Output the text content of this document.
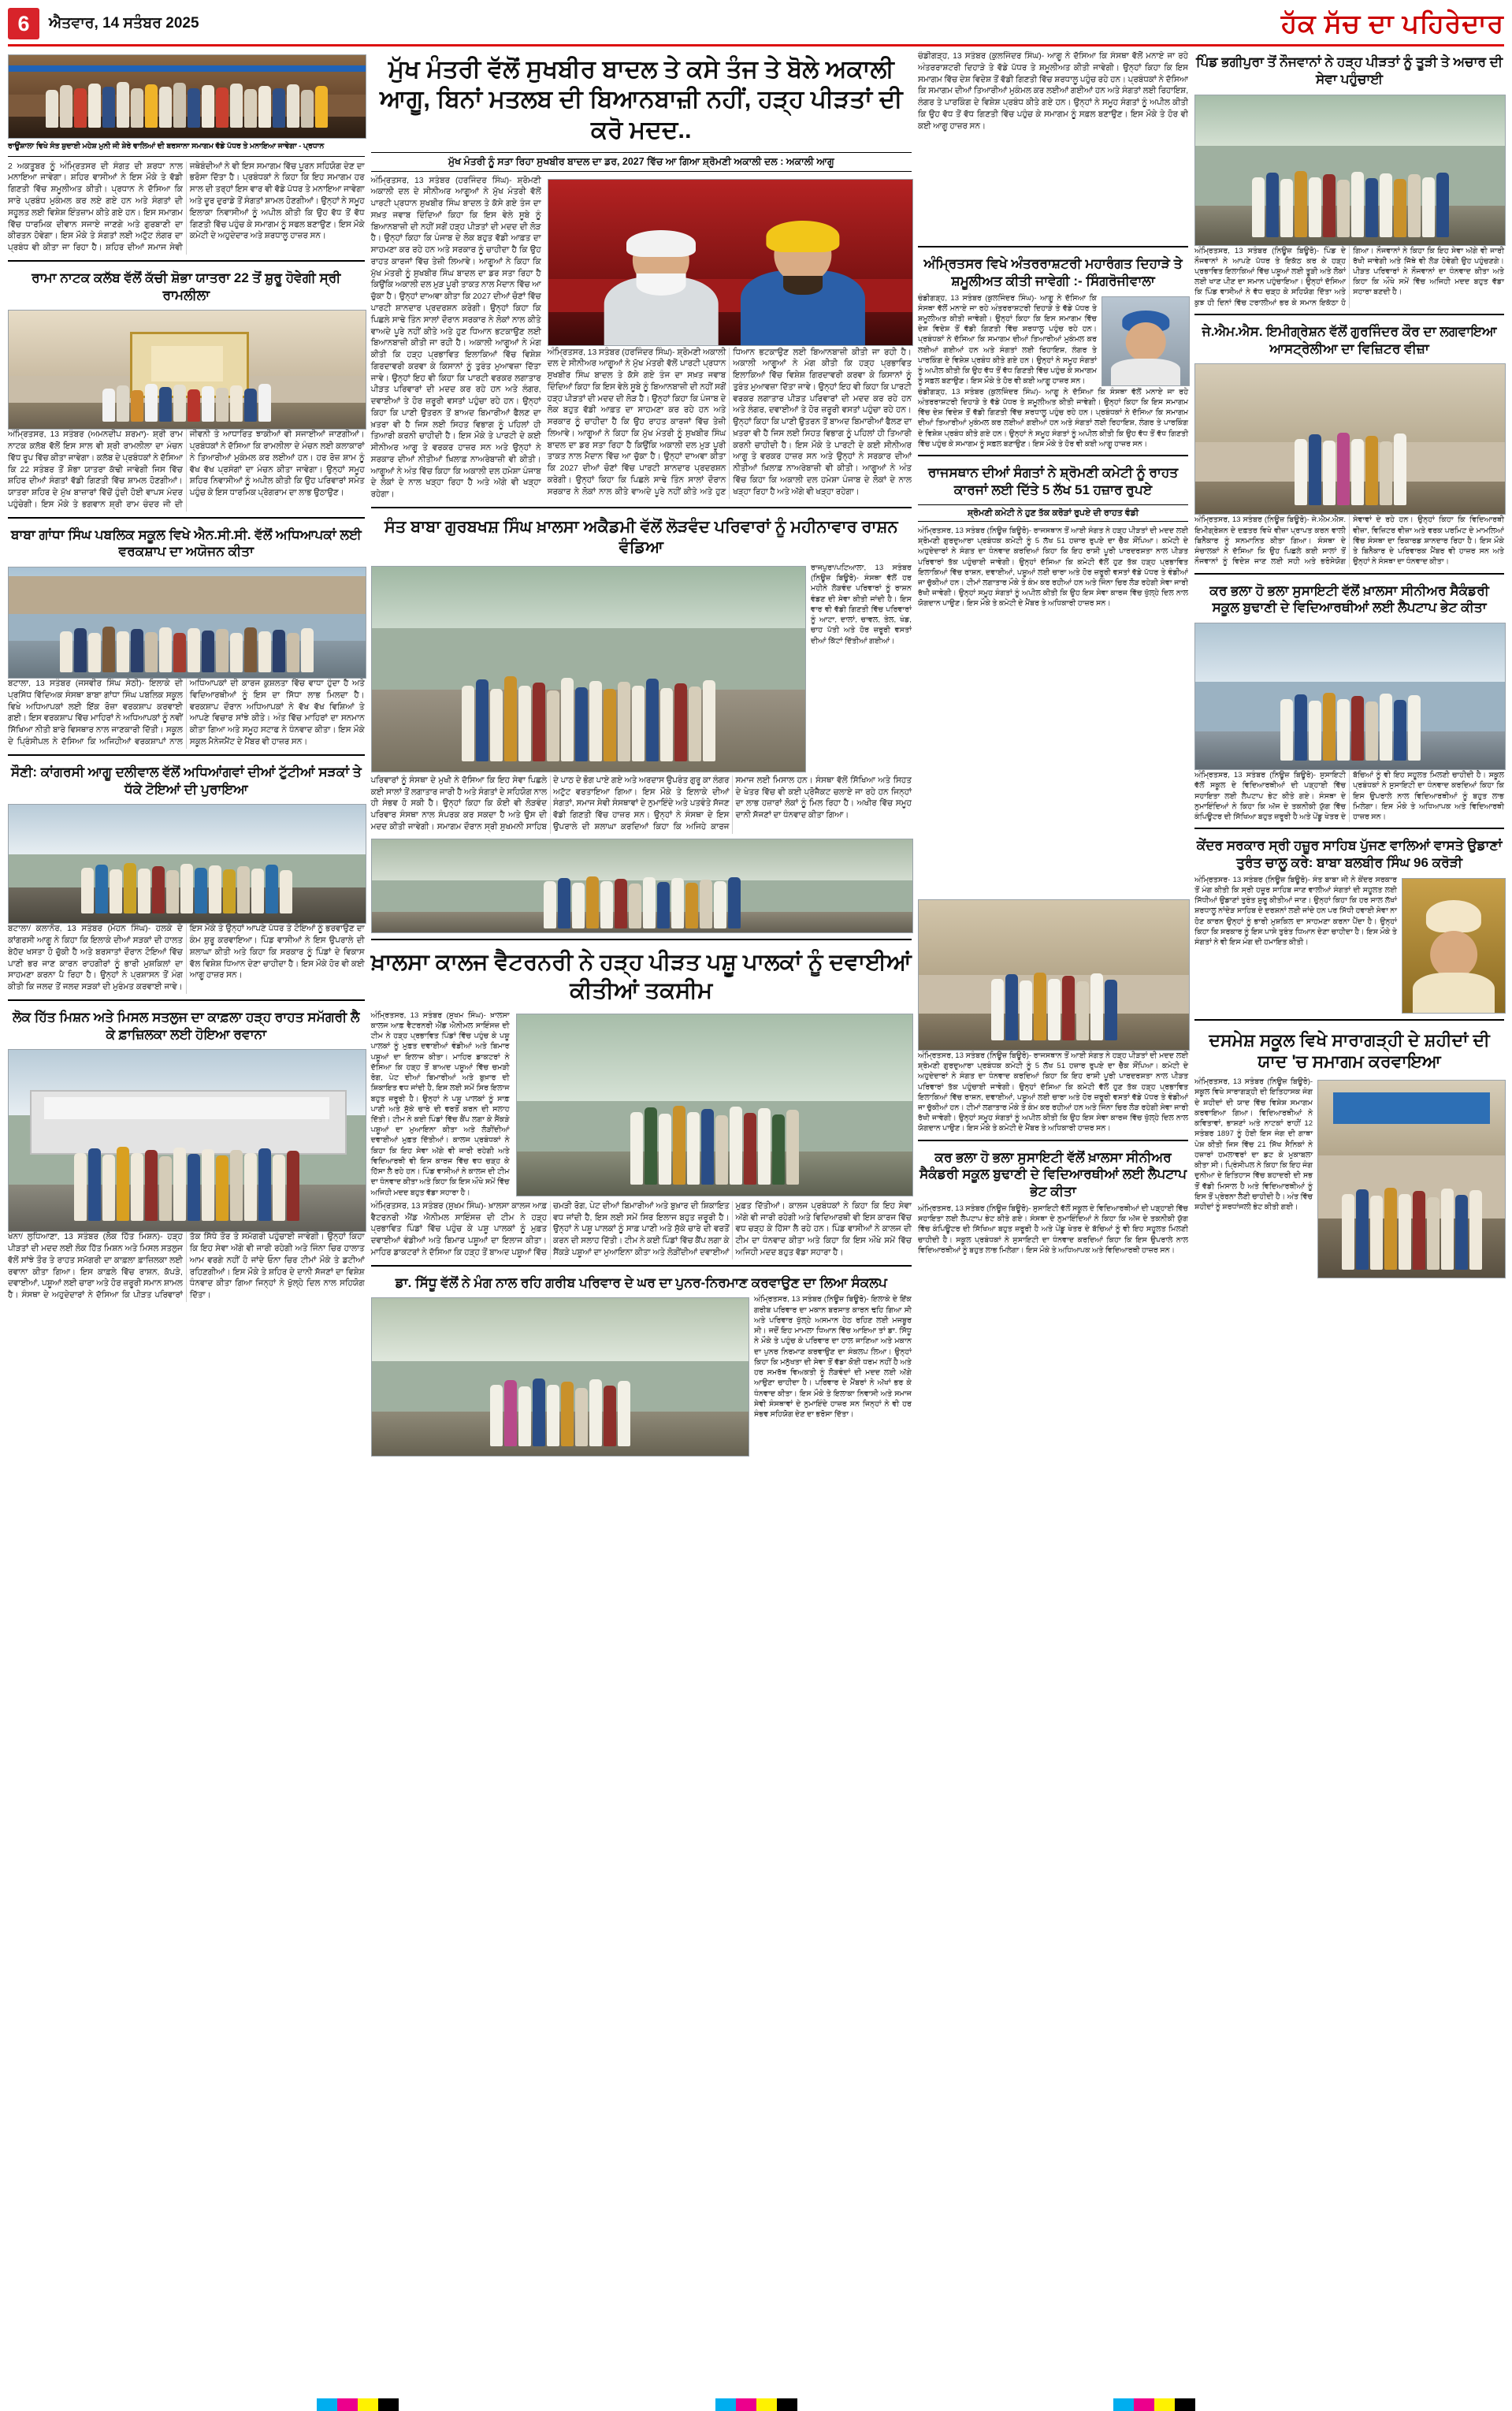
6	ਐਤਵਾਰ, 14 ਸਤੰਬਰ 2025	ਹੱਕ ਸੱਚ ਦਾ ਪਹਿਰੇਦਾਰ
ਰਾਊਂਸ਼ਾਲਾ ਵਿਖੇ ਸੰਤ ਸ਼ੁਦਾਈ ਮਹੇਸ਼ ਮੁਨੀ ਜੀ ਸ਼ੇਰੇ ਵਾਲਿਆਂ ਦੀ ਬਰਸਾਨਾ ਸਮਾਗਮ ਵੱਡੇ ਪੱਧਰ ਤੇ ਮਨਾਇਆ ਜਾਵੇਗਾ - ਪ੍ਰਧਾਨ
2 ਅਕਤੂਬਰ ਨੂੰ ਅੰਮ੍ਰਿਤਸਰ ਦੀ ਸੰਗਤ ਦੀ ਸ਼ਰਧਾ ਨਾਲ ਮਨਾਇਆ ਜਾਵੇਗਾ। ਸ਼ਹਿਰ ਵਾਸੀਆਂ ਨੇ ਇਸ ਮੌਕੇ ਤੇ ਵੱਡੀ ਗਿਣਤੀ ਵਿੱਚ ਸ਼ਮੂਲੀਅਤ ਕੀਤੀ। ਪ੍ਰਧਾਨ ਨੇ ਦੱਸਿਆ ਕਿ ਸਾਰੇ ਪ੍ਰਬੰਧ ਮੁਕੰਮਲ ਕਰ ਲਏ ਗਏ ਹਨ ਅਤੇ ਸੰਗਤਾਂ ਦੀ ਸਹੂਲਤ ਲਈ ਵਿਸ਼ੇਸ਼ ਇੰਤਜ਼ਾਮ ਕੀਤੇ ਗਏ ਹਨ। ਇਸ ਸਮਾਗਮ ਵਿੱਚ ਧਾਰਮਿਕ ਦੀਵਾਨ ਸਜਾਏ ਜਾਣਗੇ ਅਤੇ ਗੁਰਬਾਣੀ ਦਾ ਕੀਰਤਨ ਹੋਵੇਗਾ। ਇਸ ਮੌਕੇ ਤੇ ਸੰਗਤਾਂ ਲਈ ਅਟੁੱਟ ਲੰਗਰ ਦਾ ਪ੍ਰਬੰਧ ਵੀ ਕੀਤਾ ਜਾ ਰਿਹਾ ਹੈ। ਸ਼ਹਿਰ ਦੀਆਂ ਸਮਾਜ ਸੇਵੀ ਜਥੇਬੰਦੀਆਂ ਨੇ ਵੀ ਇਸ ਸਮਾਗਮ ਵਿੱਚ ਪੂਰਨ ਸਹਿਯੋਗ ਦੇਣ ਦਾ ਭਰੋਸਾ ਦਿੱਤਾ ਹੈ। ਪ੍ਰਬੰਧਕਾਂ ਨੇ ਕਿਹਾ ਕਿ ਇਹ ਸਮਾਗਮ ਹਰ ਸਾਲ ਦੀ ਤਰ੍ਹਾਂ ਇਸ ਵਾਰ ਵੀ ਵੱਡੇ ਪੱਧਰ ਤੇ ਮਨਾਇਆ ਜਾਵੇਗਾ ਅਤੇ ਦੂਰ ਦੁਰਾਡੇ ਤੋਂ ਸੰਗਤਾਂ ਸ਼ਾਮਲ ਹੋਣਗੀਆਂ। ਉਨ੍ਹਾਂ ਨੇ ਸਮੂਹ ਇਲਾਕਾ ਨਿਵਾਸੀਆਂ ਨੂੰ ਅਪੀਲ ਕੀਤੀ ਕਿ ਉਹ ਵੱਧ ਤੋਂ ਵੱਧ ਗਿਣਤੀ ਵਿੱਚ ਪਹੁੰਚ ਕੇ ਸਮਾਗਮ ਨੂੰ ਸਫਲ ਬਣਾਉਣ। ਇਸ ਮੌਕੇ ਕਮੇਟੀ ਦੇ ਅਹੁਦੇਦਾਰ ਅਤੇ ਸ਼ਰਧਾਲੂ ਹਾਜ਼ਰ ਸਨ।
ਰਾਮਾ ਨਾਟਕ ਕਲੱਬ ਵੱਲੋਂ ਕੱਚੀ ਸ਼ੋਭਾ ਯਾਤਰਾ 22 ਤੋਂ ਸ਼ੁਰੂ ਹੋਵੇਗੀ ਸ੍ਰੀ ਰਾਮਲੀਲਾ
ਅੰਮ੍ਰਿਤਸਰ, 13 ਸਤੰਬਰ (ਅਮਨਦੀਪ ਸ਼ਰਮਾ)- ਸ਼੍ਰੀ ਰਾਮ ਨਾਟਕ ਕਲੱਬ ਵੱਲੋਂ ਇਸ ਸਾਲ ਵੀ ਸ਼੍ਰੀ ਰਾਮਲੀਲਾ ਦਾ ਮੰਚਨ ਵਿੱਧ ਰੂਪ ਵਿੱਚ ਕੀਤਾ ਜਾਵੇਗਾ। ਕਲੱਬ ਦੇ ਪ੍ਰਬੰਧਕਾਂ ਨੇ ਦੱਸਿਆ ਕਿ 22 ਸਤੰਬਰ ਤੋਂ ਸ਼ੋਭਾ ਯਾਤਰਾ ਕੱਢੀ ਜਾਵੇਗੀ ਜਿਸ ਵਿੱਚ ਸ਼ਹਿਰ ਦੀਆਂ ਸੰਗਤਾਂ ਵੱਡੀ ਗਿਣਤੀ ਵਿੱਚ ਸ਼ਾਮਲ ਹੋਣਗੀਆਂ। ਯਾਤਰਾ ਸ਼ਹਿਰ ਦੇ ਮੁੱਖ ਬਾਜ਼ਾਰਾਂ ਵਿੱਚੋਂ ਹੁੰਦੀ ਹੋਈ ਵਾਪਸ ਮੰਦਰ ਪਹੁੰਚੇਗੀ। ਇਸ ਮੌਕੇ ਤੇ ਭਗਵਾਨ ਸ਼੍ਰੀ ਰਾਮ ਚੰਦਰ ਜੀ ਦੀ ਜੀਵਨੀ ਤੇ ਆਧਾਰਿਤ ਝਾਕੀਆਂ ਵੀ ਸਜਾਈਆਂ ਜਾਣਗੀਆਂ। ਪ੍ਰਬੰਧਕਾਂ ਨੇ ਦੱਸਿਆ ਕਿ ਰਾਮਲੀਲਾ ਦੇ ਮੰਚਨ ਲਈ ਕਲਾਕਾਰਾਂ ਨੇ ਤਿਆਰੀਆਂ ਮੁਕੰਮਲ ਕਰ ਲਈਆਂ ਹਨ। ਹਰ ਰੋਜ਼ ਸ਼ਾਮ ਨੂੰ ਵੱਖ ਵੱਖ ਪ੍ਰਸੰਗਾਂ ਦਾ ਮੰਚਨ ਕੀਤਾ ਜਾਵੇਗਾ। ਉਨ੍ਹਾਂ ਸਮੂਹ ਸ਼ਹਿਰ ਨਿਵਾਸੀਆਂ ਨੂੰ ਅਪੀਲ ਕੀਤੀ ਕਿ ਉਹ ਪਰਿਵਾਰਾਂ ਸਮੇਤ ਪਹੁੰਚ ਕੇ ਇਸ ਧਾਰਮਿਕ ਪ੍ਰੋਗਰਾਮ ਦਾ ਲਾਭ ਉਠਾਉਣ।
ਬਾਬਾ ਗਾਂਧਾ ਸਿੰਘ ਪਬਲਿਕ ਸਕੂਲ ਵਿਖੇ ਐਨ.ਸੀ.ਸੀ. ਵੱਲੋਂ ਅਧਿਆਪਕਾਂ ਲਈ ਵਰਕਸ਼ਾਪ ਦਾ ਅਯੋਜਨ ਕੀਤਾ
ਬਟਾਲਾ, 13 ਸਤੰਬਰ (ਜਸਵੀਰ ਸਿੰਘ ਸੇਠੀ)- ਇਲਾਕੇ ਦੀ ਪ੍ਰਸਿੱਧ ਵਿੱਦਿਅਕ ਸੰਸਥਾ ਬਾਬਾ ਗਾਂਧਾ ਸਿੰਘ ਪਬਲਿਕ ਸਕੂਲ ਵਿਖੇ ਅਧਿਆਪਕਾਂ ਲਈ ਇੱਕ ਰੋਜ਼ਾ ਵਰਕਸ਼ਾਪ ਕਰਵਾਈ ਗਈ। ਇਸ ਵਰਕਸ਼ਾਪ ਵਿੱਚ ਮਾਹਿਰਾਂ ਨੇ ਅਧਿਆਪਕਾਂ ਨੂੰ ਨਵੀਂ ਸਿੱਖਿਆ ਨੀਤੀ ਬਾਰੇ ਵਿਸਥਾਰ ਨਾਲ ਜਾਣਕਾਰੀ ਦਿੱਤੀ। ਸਕੂਲ ਦੇ ਪ੍ਰਿੰਸੀਪਲ ਨੇ ਦੱਸਿਆ ਕਿ ਅਜਿਹੀਆਂ ਵਰਕਸ਼ਾਪਾਂ ਨਾਲ ਅਧਿਆਪਕਾਂ ਦੀ ਕਾਰਜ ਕੁਸ਼ਲਤਾ ਵਿੱਚ ਵਾਧਾ ਹੁੰਦਾ ਹੈ ਅਤੇ ਵਿਦਿਆਰਥੀਆਂ ਨੂੰ ਇਸ ਦਾ ਸਿੱਧਾ ਲਾਭ ਮਿਲਦਾ ਹੈ। ਵਰਕਸ਼ਾਪ ਦੌਰਾਨ ਅਧਿਆਪਕਾਂ ਨੇ ਵੱਖ ਵੱਖ ਵਿਸ਼ਿਆਂ ਤੇ ਆਪਣੇ ਵਿਚਾਰ ਸਾਂਝੇ ਕੀਤੇ। ਅੰਤ ਵਿੱਚ ਮਾਹਿਰਾਂ ਦਾ ਸਨਮਾਨ ਕੀਤਾ ਗਿਆ ਅਤੇ ਸਮੂਹ ਸਟਾਫ ਨੇ ਧੰਨਵਾਦ ਕੀਤਾ। ਇਸ ਮੌਕੇ ਸਕੂਲ ਮੈਨੇਜਮੈਂਟ ਦੇ ਮੈਂਬਰ ਵੀ ਹਾਜ਼ਰ ਸਨ।
ਸੌਣੀ: ਕਾਂਗਰਸੀ ਆਗੂ ਦਲੀਵਾਲ ਵੱਲੋਂ ਅਧਿਆਂਗਵਾਂ ਦੀਆਂ ਟੁੱਟੀਆਂ ਸੜਕਾਂ ਤੇ ਧੱਕੇ ਟੋਇਆਂ ਦੀ ਪੁਰਾਇਆ
ਬਟਾਲਾ/ ਕਲਾਨੌਰ, 13 ਸਤੰਬਰ (ਮੋਹਨ ਸਿੰਘ)- ਹਲਕੇ ਦੇ ਕਾਂਗਰਸੀ ਆਗੂ ਨੇ ਕਿਹਾ ਕਿ ਇਲਾਕੇ ਦੀਆਂ ਸੜਕਾਂ ਦੀ ਹਾਲਤ ਬੇਹੱਦ ਖਸਤਾ ਹੋ ਚੁੱਕੀ ਹੈ ਅਤੇ ਬਰਸਾਤਾਂ ਦੌਰਾਨ ਟੋਇਆਂ ਵਿੱਚ ਪਾਣੀ ਭਰ ਜਾਣ ਕਾਰਨ ਰਾਹਗੀਰਾਂ ਨੂੰ ਭਾਰੀ ਮੁਸ਼ਕਿਲਾਂ ਦਾ ਸਾਹਮਣਾ ਕਰਨਾ ਪੈ ਰਿਹਾ ਹੈ। ਉਨ੍ਹਾਂ ਨੇ ਪ੍ਰਸ਼ਾਸਨ ਤੋਂ ਮੰਗ ਕੀਤੀ ਕਿ ਜਲਦ ਤੋਂ ਜਲਦ ਸੜਕਾਂ ਦੀ ਮੁਰੰਮਤ ਕਰਵਾਈ ਜਾਵੇ। ਇਸ ਮੌਕੇ ਤੇ ਉਨ੍ਹਾਂ ਆਪਣੇ ਪੱਧਰ ਤੇ ਟੋਇਆਂ ਨੂੰ ਭਰਵਾਉਣ ਦਾ ਕੰਮ ਸ਼ੁਰੂ ਕਰਵਾਇਆ। ਪਿੰਡ ਵਾਸੀਆਂ ਨੇ ਇਸ ਉਪਰਾਲੇ ਦੀ ਸ਼ਲਾਘਾ ਕੀਤੀ ਅਤੇ ਕਿਹਾ ਕਿ ਸਰਕਾਰ ਨੂੰ ਪਿੰਡਾਂ ਦੇ ਵਿਕਾਸ ਵੱਲ ਵਿਸ਼ੇਸ਼ ਧਿਆਨ ਦੇਣਾ ਚਾਹੀਦਾ ਹੈ। ਇਸ ਮੌਕੇ ਹੋਰ ਵੀ ਕਈ ਆਗੂ ਹਾਜ਼ਰ ਸਨ।
ਲੋਕ ਹਿੱਤ ਮਿਸ਼ਨ ਅਤੇ ਮਿਸਲ ਸਤਲੁਜ ਦਾ ਕਾਫ਼ਲਾ ਹੜ੍ਹ ਰਾਹਤ ਸਮੱਗਰੀ ਲੈ ਕੇ ਫ਼ਾਜ਼ਿਲਕਾ ਲਈ ਹੋਇਆ ਰਵਾਨਾ
ਖੰਨਾ/ ਲੁਧਿਆਣਾ, 13 ਸਤੰਬਰ (ਲੋਕ ਹਿੱਤ ਮਿਸ਼ਨ)- ਹੜ੍ਹ ਪੀੜਤਾਂ ਦੀ ਮਦਦ ਲਈ ਲੋਕ ਹਿੱਤ ਮਿਸ਼ਨ ਅਤੇ ਮਿਸਲ ਸਤਲੁਜ ਵੱਲੋਂ ਸਾਂਝੇ ਤੌਰ ਤੇ ਰਾਹਤ ਸਮੱਗਰੀ ਦਾ ਕਾਫ਼ਲਾ ਫ਼ਾਜ਼ਿਲਕਾ ਲਈ ਰਵਾਨਾ ਕੀਤਾ ਗਿਆ। ਇਸ ਕਾਫ਼ਲੇ ਵਿੱਚ ਰਾਸ਼ਨ, ਕੱਪੜੇ, ਦਵਾਈਆਂ, ਪਸ਼ੂਆਂ ਲਈ ਚਾਰਾ ਅਤੇ ਹੋਰ ਜ਼ਰੂਰੀ ਸਮਾਨ ਸ਼ਾਮਲ ਹੈ। ਸੰਸਥਾ ਦੇ ਅਹੁਦੇਦਾਰਾਂ ਨੇ ਦੱਸਿਆ ਕਿ ਪੀੜਤ ਪਰਿਵਾਰਾਂ ਤੱਕ ਸਿੱਧੇ ਤੌਰ ਤੇ ਸਮੱਗਰੀ ਪਹੁੰਚਾਈ ਜਾਵੇਗੀ। ਉਨ੍ਹਾਂ ਕਿਹਾ ਕਿ ਇਹ ਸੇਵਾ ਅੱਗੇ ਵੀ ਜਾਰੀ ਰਹੇਗੀ ਅਤੇ ਜਿੰਨਾ ਚਿਰ ਹਾਲਾਤ ਆਮ ਵਰਗੇ ਨਹੀਂ ਹੋ ਜਾਂਦੇ ਓਨਾ ਚਿਰ ਟੀਮਾਂ ਮੌਕੇ ਤੇ ਡਟੀਆਂ ਰਹਿਣਗੀਆਂ। ਇਸ ਮੌਕੇ ਤੇ ਸ਼ਹਿਰ ਦੇ ਦਾਨੀ ਸੱਜਣਾਂ ਦਾ ਵਿਸ਼ੇਸ਼ ਧੰਨਵਾਦ ਕੀਤਾ ਗਿਆ ਜਿਨ੍ਹਾਂ ਨੇ ਖੁੱਲ੍ਹੇ ਦਿਲ ਨਾਲ ਸਹਿਯੋਗ ਦਿੱਤਾ।
ਮੁੱਖ ਮੰਤਰੀ ਵੱਲੋਂ ਸੁਖਬੀਰ ਬਾਦਲ ਤੇ ਕਸੇ ਤੰਜ ਤੇ ਬੋਲੇ ਅਕਾਲੀ ਆਗੂ, ਬਿਨਾਂ ਮਤਲਬ ਦੀ ਬਿਆਨਬਾਜ਼ੀ ਨਹੀਂ, ਹੜ੍ਹ ਪੀੜਤਾਂ ਦੀ ਕਰੋ ਮਦਦ..
ਮੁੱਖ ਮੰਤਰੀ ਨੂੰ ਸਤਾ ਰਿਹਾ ਸੁਖਬੀਰ ਬਾਦਲ ਦਾ ਡਰ, 2027 ਵਿੱਚ ਆ ਗਿਆ ਸ਼੍ਰੋਮਣੀ ਅਕਾਲੀ ਦਲ : ਅਕਾਲੀ ਆਗੂ
ਅੰਮ੍ਰਿਤਸਰ, 13 ਸਤੰਬਰ (ਹਰਜਿੰਦਰ ਸਿੰਘ)- ਸ਼੍ਰੋਮਣੀ ਅਕਾਲੀ ਦਲ ਦੇ ਸੀਨੀਅਰ ਆਗੂਆਂ ਨੇ ਮੁੱਖ ਮੰਤਰੀ ਵੱਲੋਂ ਪਾਰਟੀ ਪ੍ਰਧਾਨ ਸੁਖਬੀਰ ਸਿੰਘ ਬਾਦਲ ਤੇ ਕੱਸੇ ਗਏ ਤੰਜ ਦਾ ਸਖ਼ਤ ਜਵਾਬ ਦਿੰਦਿਆਂ ਕਿਹਾ ਕਿ ਇਸ ਵੇਲੇ ਸੂਬੇ ਨੂੰ ਬਿਆਨਬਾਜ਼ੀ ਦੀ ਨਹੀਂ ਸਗੋਂ ਹੜ੍ਹ ਪੀੜਤਾਂ ਦੀ ਮਦਦ ਦੀ ਲੋੜ ਹੈ। ਉਨ੍ਹਾਂ ਕਿਹਾ ਕਿ ਪੰਜਾਬ ਦੇ ਲੋਕ ਬਹੁਤ ਵੱਡੀ ਆਫ਼ਤ ਦਾ ਸਾਹਮਣਾ ਕਰ ਰਹੇ ਹਨ ਅਤੇ ਸਰਕਾਰ ਨੂੰ ਚਾਹੀਦਾ ਹੈ ਕਿ ਉਹ ਰਾਹਤ ਕਾਰਜਾਂ ਵਿੱਚ ਤੇਜ਼ੀ ਲਿਆਵੇ। ਆਗੂਆਂ ਨੇ ਕਿਹਾ ਕਿ ਮੁੱਖ ਮੰਤਰੀ ਨੂੰ ਸੁਖਬੀਰ ਸਿੰਘ ਬਾਦਲ ਦਾ ਡਰ ਸਤਾ ਰਿਹਾ ਹੈ ਕਿਉਂਕਿ ਅਕਾਲੀ ਦਲ ਮੁੜ ਪੂਰੀ ਤਾਕਤ ਨਾਲ ਮੈਦਾਨ ਵਿੱਚ ਆ ਚੁੱਕਾ ਹੈ। ਉਨ੍ਹਾਂ ਦਾਅਵਾ ਕੀਤਾ ਕਿ 2027 ਦੀਆਂ ਚੋਣਾਂ ਵਿੱਚ ਪਾਰਟੀ ਸ਼ਾਨਦਾਰ ਪ੍ਰਦਰਸ਼ਨ ਕਰੇਗੀ। ਉਨ੍ਹਾਂ ਕਿਹਾ ਕਿ ਪਿਛਲੇ ਸਾਢੇ ਤਿੰਨ ਸਾਲਾਂ ਦੌਰਾਨ ਸਰਕਾਰ ਨੇ ਲੋਕਾਂ ਨਾਲ ਕੀਤੇ ਵਾਅਦੇ ਪੂਰੇ ਨਹੀਂ ਕੀਤੇ ਅਤੇ ਹੁਣ ਧਿਆਨ ਭਟਕਾਉਣ ਲਈ ਬਿਆਨਬਾਜ਼ੀ ਕੀਤੀ ਜਾ ਰਹੀ ਹੈ। ਅਕਾਲੀ ਆਗੂਆਂ ਨੇ ਮੰਗ ਕੀਤੀ ਕਿ ਹੜ੍ਹ ਪ੍ਰਭਾਵਿਤ ਇਲਾਕਿਆਂ ਵਿੱਚ ਵਿਸ਼ੇਸ਼ ਗਿਰਦਾਵਰੀ ਕਰਵਾ ਕੇ ਕਿਸਾਨਾਂ ਨੂੰ ਤੁਰੰਤ ਮੁਆਵਜ਼ਾ ਦਿੱਤਾ ਜਾਵੇ। ਉਨ੍ਹਾਂ ਇਹ ਵੀ ਕਿਹਾ ਕਿ ਪਾਰਟੀ ਵਰਕਰ ਲਗਾਤਾਰ ਪੀੜਤ ਪਰਿਵਾਰਾਂ ਦੀ ਮਦਦ ਕਰ ਰਹੇ ਹਨ ਅਤੇ ਲੰਗਰ, ਦਵਾਈਆਂ ਤੇ ਹੋਰ ਜ਼ਰੂਰੀ ਵਸਤਾਂ ਪਹੁੰਚਾ ਰਹੇ ਹਨ। ਉਨ੍ਹਾਂ ਕਿਹਾ ਕਿ ਪਾਣੀ ਉਤਰਨ ਤੋਂ ਬਾਅਦ ਬਿਮਾਰੀਆਂ ਫੈਲਣ ਦਾ ਖ਼ਤਰਾ ਵੀ ਹੈ ਜਿਸ ਲਈ ਸਿਹਤ ਵਿਭਾਗ ਨੂੰ ਪਹਿਲਾਂ ਹੀ ਤਿਆਰੀ ਕਰਨੀ ਚਾਹੀਦੀ ਹੈ। ਇਸ ਮੌਕੇ ਤੇ ਪਾਰਟੀ ਦੇ ਕਈ ਸੀਨੀਅਰ ਆਗੂ ਤੇ ਵਰਕਰ ਹਾਜ਼ਰ ਸਨ ਅਤੇ ਉਨ੍ਹਾਂ ਨੇ ਸਰਕਾਰ ਦੀਆਂ ਨੀਤੀਆਂ ਖ਼ਿਲਾਫ਼ ਨਾਅਰੇਬਾਜ਼ੀ ਵੀ ਕੀਤੀ। ਆਗੂਆਂ ਨੇ ਅੰਤ ਵਿੱਚ ਕਿਹਾ ਕਿ ਅਕਾਲੀ ਦਲ ਹਮੇਸ਼ਾ ਪੰਜਾਬ ਦੇ ਲੋਕਾਂ ਦੇ ਨਾਲ ਖੜ੍ਹਾ ਰਿਹਾ ਹੈ ਅਤੇ ਅੱਗੇ ਵੀ ਖੜ੍ਹਾ ਰਹੇਗਾ।
ਅੰਮ੍ਰਿਤਸਰ, 13 ਸਤੰਬਰ (ਹਰਜਿੰਦਰ ਸਿੰਘ)- ਸ਼੍ਰੋਮਣੀ ਅਕਾਲੀ ਦਲ ਦੇ ਸੀਨੀਅਰ ਆਗੂਆਂ ਨੇ ਮੁੱਖ ਮੰਤਰੀ ਵੱਲੋਂ ਪਾਰਟੀ ਪ੍ਰਧਾਨ ਸੁਖਬੀਰ ਸਿੰਘ ਬਾਦਲ ਤੇ ਕੱਸੇ ਗਏ ਤੰਜ ਦਾ ਸਖ਼ਤ ਜਵਾਬ ਦਿੰਦਿਆਂ ਕਿਹਾ ਕਿ ਇਸ ਵੇਲੇ ਸੂਬੇ ਨੂੰ ਬਿਆਨਬਾਜ਼ੀ ਦੀ ਨਹੀਂ ਸਗੋਂ ਹੜ੍ਹ ਪੀੜਤਾਂ ਦੀ ਮਦਦ ਦੀ ਲੋੜ ਹੈ। ਉਨ੍ਹਾਂ ਕਿਹਾ ਕਿ ਪੰਜਾਬ ਦੇ ਲੋਕ ਬਹੁਤ ਵੱਡੀ ਆਫ਼ਤ ਦਾ ਸਾਹਮਣਾ ਕਰ ਰਹੇ ਹਨ ਅਤੇ ਸਰਕਾਰ ਨੂੰ ਚਾਹੀਦਾ ਹੈ ਕਿ ਉਹ ਰਾਹਤ ਕਾਰਜਾਂ ਵਿੱਚ ਤੇਜ਼ੀ ਲਿਆਵੇ। ਆਗੂਆਂ ਨੇ ਕਿਹਾ ਕਿ ਮੁੱਖ ਮੰਤਰੀ ਨੂੰ ਸੁਖਬੀਰ ਸਿੰਘ ਬਾਦਲ ਦਾ ਡਰ ਸਤਾ ਰਿਹਾ ਹੈ ਕਿਉਂਕਿ ਅਕਾਲੀ ਦਲ ਮੁੜ ਪੂਰੀ ਤਾਕਤ ਨਾਲ ਮੈਦਾਨ ਵਿੱਚ ਆ ਚੁੱਕਾ ਹੈ। ਉਨ੍ਹਾਂ ਦਾਅਵਾ ਕੀਤਾ ਕਿ 2027 ਦੀਆਂ ਚੋਣਾਂ ਵਿੱਚ ਪਾਰਟੀ ਸ਼ਾਨਦਾਰ ਪ੍ਰਦਰਸ਼ਨ ਕਰੇਗੀ। ਉਨ੍ਹਾਂ ਕਿਹਾ ਕਿ ਪਿਛਲੇ ਸਾਢੇ ਤਿੰਨ ਸਾਲਾਂ ਦੌਰਾਨ ਸਰਕਾਰ ਨੇ ਲੋਕਾਂ ਨਾਲ ਕੀਤੇ ਵਾਅਦੇ ਪੂਰੇ ਨਹੀਂ ਕੀਤੇ ਅਤੇ ਹੁਣ ਧਿਆਨ ਭਟਕਾਉਣ ਲਈ ਬਿਆਨਬਾਜ਼ੀ ਕੀਤੀ ਜਾ ਰਹੀ ਹੈ। ਅਕਾਲੀ ਆਗੂਆਂ ਨੇ ਮੰਗ ਕੀਤੀ ਕਿ ਹੜ੍ਹ ਪ੍ਰਭਾਵਿਤ ਇਲਾਕਿਆਂ ਵਿੱਚ ਵਿਸ਼ੇਸ਼ ਗਿਰਦਾਵਰੀ ਕਰਵਾ ਕੇ ਕਿਸਾਨਾਂ ਨੂੰ ਤੁਰੰਤ ਮੁਆਵਜ਼ਾ ਦਿੱਤਾ ਜਾਵੇ। ਉਨ੍ਹਾਂ ਇਹ ਵੀ ਕਿਹਾ ਕਿ ਪਾਰਟੀ ਵਰਕਰ ਲਗਾਤਾਰ ਪੀੜਤ ਪਰਿਵਾਰਾਂ ਦੀ ਮਦਦ ਕਰ ਰਹੇ ਹਨ ਅਤੇ ਲੰਗਰ, ਦਵਾਈਆਂ ਤੇ ਹੋਰ ਜ਼ਰੂਰੀ ਵਸਤਾਂ ਪਹੁੰਚਾ ਰਹੇ ਹਨ। ਉਨ੍ਹਾਂ ਕਿਹਾ ਕਿ ਪਾਣੀ ਉਤਰਨ ਤੋਂ ਬਾਅਦ ਬਿਮਾਰੀਆਂ ਫੈਲਣ ਦਾ ਖ਼ਤਰਾ ਵੀ ਹੈ ਜਿਸ ਲਈ ਸਿਹਤ ਵਿਭਾਗ ਨੂੰ ਪਹਿਲਾਂ ਹੀ ਤਿਆਰੀ ਕਰਨੀ ਚਾਹੀਦੀ ਹੈ। ਇਸ ਮੌਕੇ ਤੇ ਪਾਰਟੀ ਦੇ ਕਈ ਸੀਨੀਅਰ ਆਗੂ ਤੇ ਵਰਕਰ ਹਾਜ਼ਰ ਸਨ ਅਤੇ ਉਨ੍ਹਾਂ ਨੇ ਸਰਕਾਰ ਦੀਆਂ ਨੀਤੀਆਂ ਖ਼ਿਲਾਫ਼ ਨਾਅਰੇਬਾਜ਼ੀ ਵੀ ਕੀਤੀ। ਆਗੂਆਂ ਨੇ ਅੰਤ ਵਿੱਚ ਕਿਹਾ ਕਿ ਅਕਾਲੀ ਦਲ ਹਮੇਸ਼ਾ ਪੰਜਾਬ ਦੇ ਲੋਕਾਂ ਦੇ ਨਾਲ ਖੜ੍ਹਾ ਰਿਹਾ ਹੈ ਅਤੇ ਅੱਗੇ ਵੀ ਖੜ੍ਹਾ ਰਹੇਗਾ।
ਸੰਤ ਬਾਬਾ ਗੁਰਬਖਸ਼ ਸਿੰਘ ਖ਼ਾਲਸਾ ਅਕੈਡਮੀ ਵੱਲੋਂ ਲੋੜਵੰਦ ਪਰਿਵਾਰਾਂ ਨੂੰ ਮਹੀਨਾਵਾਰ ਰਾਸ਼ਨ ਵੰਡਿਆ
ਰਾਜਪੁਰਾ/ਪਟਿਆਲਾ, 13 ਸਤੰਬਰ (ਨਿਊਜ਼ ਬਿਊਰੋ)- ਸੰਸਥਾ ਵੱਲੋਂ ਹਰ ਮਹੀਨੇ ਲੋੜਵੰਦ ਪਰਿਵਾਰਾਂ ਨੂੰ ਰਾਸ਼ਨ ਵੰਡਣ ਦੀ ਸੇਵਾ ਕੀਤੀ ਜਾਂਦੀ ਹੈ। ਇਸ ਵਾਰ ਵੀ ਵੱਡੀ ਗਿਣਤੀ ਵਿੱਚ ਪਰਿਵਾਰਾਂ ਨੂੰ ਆਟਾ, ਦਾਲਾਂ, ਚਾਵਲ, ਤੇਲ, ਖੰਡ, ਚਾਹ ਪੱਤੀ ਅਤੇ ਹੋਰ ਜ਼ਰੂਰੀ ਵਸਤਾਂ ਦੀਆਂ ਕਿੱਟਾਂ ਦਿੱਤੀਆਂ ਗਈਆਂ।
ਪਰਿਵਾਰਾਂ ਨੂੰ ਸੰਸਥਾ ਦੇ ਮੁਖੀ ਨੇ ਦੱਸਿਆ ਕਿ ਇਹ ਸੇਵਾ ਪਿਛਲੇ ਕਈ ਸਾਲਾਂ ਤੋਂ ਲਗਾਤਾਰ ਜਾਰੀ ਹੈ ਅਤੇ ਸੰਗਤਾਂ ਦੇ ਸਹਿਯੋਗ ਨਾਲ ਹੀ ਸੰਭਵ ਹੋ ਸਕੀ ਹੈ। ਉਨ੍ਹਾਂ ਕਿਹਾ ਕਿ ਕੋਈ ਵੀ ਲੋੜਵੰਦ ਪਰਿਵਾਰ ਸੰਸਥਾ ਨਾਲ ਸੰਪਰਕ ਕਰ ਸਕਦਾ ਹੈ ਅਤੇ ਉਸ ਦੀ ਮਦਦ ਕੀਤੀ ਜਾਵੇਗੀ। ਸਮਾਗਮ ਦੌਰਾਨ ਸ੍ਰੀ ਸੁਖਮਨੀ ਸਾਹਿਬ ਦੇ ਪਾਠ ਦੇ ਭੋਗ ਪਾਏ ਗਏ ਅਤੇ ਅਰਦਾਸ ਉਪਰੰਤ ਗੁਰੂ ਕਾ ਲੰਗਰ ਅਟੁੱਟ ਵਰਤਾਇਆ ਗਿਆ। ਇਸ ਮੌਕੇ ਤੇ ਇਲਾਕੇ ਦੀਆਂ ਸੰਗਤਾਂ, ਸਮਾਜ ਸੇਵੀ ਸੰਸਥਾਵਾਂ ਦੇ ਨੁਮਾਇੰਦੇ ਅਤੇ ਪਤਵੰਤੇ ਸੱਜਣ ਵੱਡੀ ਗਿਣਤੀ ਵਿੱਚ ਹਾਜ਼ਰ ਸਨ। ਉਨ੍ਹਾਂ ਨੇ ਸੰਸਥਾ ਦੇ ਇਸ ਉਪਰਾਲੇ ਦੀ ਸ਼ਲਾਘਾ ਕਰਦਿਆਂ ਕਿਹਾ ਕਿ ਅਜਿਹੇ ਕਾਰਜ ਸਮਾਜ ਲਈ ਮਿਸਾਲ ਹਨ। ਸੰਸਥਾ ਵੱਲੋਂ ਸਿੱਖਿਆ ਅਤੇ ਸਿਹਤ ਦੇ ਖੇਤਰ ਵਿੱਚ ਵੀ ਕਈ ਪ੍ਰੋਜੈਕਟ ਚਲਾਏ ਜਾ ਰਹੇ ਹਨ ਜਿਨ੍ਹਾਂ ਦਾ ਲਾਭ ਹਜ਼ਾਰਾਂ ਲੋਕਾਂ ਨੂੰ ਮਿਲ ਰਿਹਾ ਹੈ। ਅਖੀਰ ਵਿੱਚ ਸਮੂਹ ਦਾਨੀ ਸੱਜਣਾਂ ਦਾ ਧੰਨਵਾਦ ਕੀਤਾ ਗਿਆ।
ਖ਼ਾਲਸਾ ਕਾਲਜ ਵੈਟਰਨਰੀ ਨੇ ਹੜ੍ਹ ਪੀੜਤ ਪਸ਼ੂ ਪਾਲਕਾਂ ਨੂੰ ਦਵਾਈਆਂ ਕੀਤੀਆਂ ਤਕਸੀਮ
ਅੰਮ੍ਰਿਤਸਰ, 13 ਸਤੰਬਰ (ਸੁਖਮ ਸਿੰਘ)- ਖ਼ਾਲਸਾ ਕਾਲਜ ਆਫ਼ ਵੈਟਰਨਰੀ ਐਂਡ ਐਨੀਮਲ ਸਾਇੰਸਜ਼ ਦੀ ਟੀਮ ਨੇ ਹੜ੍ਹ ਪ੍ਰਭਾਵਿਤ ਪਿੰਡਾਂ ਵਿੱਚ ਪਹੁੰਚ ਕੇ ਪਸ਼ੂ ਪਾਲਕਾਂ ਨੂੰ ਮੁਫ਼ਤ ਦਵਾਈਆਂ ਵੰਡੀਆਂ ਅਤੇ ਬਿਮਾਰ ਪਸ਼ੂਆਂ ਦਾ ਇਲਾਜ ਕੀਤਾ। ਮਾਹਿਰ ਡਾਕਟਰਾਂ ਨੇ ਦੱਸਿਆ ਕਿ ਹੜ੍ਹ ਤੋਂ ਬਾਅਦ ਪਸ਼ੂਆਂ ਵਿੱਚ ਚਮੜੀ ਰੋਗ, ਪੇਟ ਦੀਆਂ ਬਿਮਾਰੀਆਂ ਅਤੇ ਬੁਖ਼ਾਰ ਦੀ ਸ਼ਿਕਾਇਤ ਵਧ ਜਾਂਦੀ ਹੈ, ਇਸ ਲਈ ਸਮੇਂ ਸਿਰ ਇਲਾਜ ਬਹੁਤ ਜ਼ਰੂਰੀ ਹੈ। ਉਨ੍ਹਾਂ ਨੇ ਪਸ਼ੂ ਪਾਲਕਾਂ ਨੂੰ ਸਾਫ਼ ਪਾਣੀ ਅਤੇ ਸੁੱਕੇ ਚਾਰੇ ਦੀ ਵਰਤੋਂ ਕਰਨ ਦੀ ਸਲਾਹ ਦਿੱਤੀ। ਟੀਮ ਨੇ ਕਈ ਪਿੰਡਾਂ ਵਿੱਚ ਕੈਂਪ ਲਗਾ ਕੇ ਸੈਂਕੜੇ ਪਸ਼ੂਆਂ ਦਾ ਮੁਆਇਨਾ ਕੀਤਾ ਅਤੇ ਲੋੜੀਂਦੀਆਂ ਦਵਾਈਆਂ ਮੁਫ਼ਤ ਦਿੱਤੀਆਂ। ਕਾਲਜ ਪ੍ਰਬੰਧਕਾਂ ਨੇ ਕਿਹਾ ਕਿ ਇਹ ਸੇਵਾ ਅੱਗੇ ਵੀ ਜਾਰੀ ਰਹੇਗੀ ਅਤੇ ਵਿਦਿਆਰਥੀ ਵੀ ਇਸ ਕਾਰਜ ਵਿੱਚ ਵਧ ਚੜ੍ਹ ਕੇ ਹਿੱਸਾ ਲੈ ਰਹੇ ਹਨ। ਪਿੰਡ ਵਾਸੀਆਂ ਨੇ ਕਾਲਜ ਦੀ ਟੀਮ ਦਾ ਧੰਨਵਾਦ ਕੀਤਾ ਅਤੇ ਕਿਹਾ ਕਿ ਇਸ ਔਖੇ ਸਮੇਂ ਵਿੱਚ ਅਜਿਹੀ ਮਦਦ ਬਹੁਤ ਵੱਡਾ ਸਹਾਰਾ ਹੈ।
ਅੰਮ੍ਰਿਤਸਰ, 13 ਸਤੰਬਰ (ਸੁਖਮ ਸਿੰਘ)- ਖ਼ਾਲਸਾ ਕਾਲਜ ਆਫ਼ ਵੈਟਰਨਰੀ ਐਂਡ ਐਨੀਮਲ ਸਾਇੰਸਜ਼ ਦੀ ਟੀਮ ਨੇ ਹੜ੍ਹ ਪ੍ਰਭਾਵਿਤ ਪਿੰਡਾਂ ਵਿੱਚ ਪਹੁੰਚ ਕੇ ਪਸ਼ੂ ਪਾਲਕਾਂ ਨੂੰ ਮੁਫ਼ਤ ਦਵਾਈਆਂ ਵੰਡੀਆਂ ਅਤੇ ਬਿਮਾਰ ਪਸ਼ੂਆਂ ਦਾ ਇਲਾਜ ਕੀਤਾ। ਮਾਹਿਰ ਡਾਕਟਰਾਂ ਨੇ ਦੱਸਿਆ ਕਿ ਹੜ੍ਹ ਤੋਂ ਬਾਅਦ ਪਸ਼ੂਆਂ ਵਿੱਚ ਚਮੜੀ ਰੋਗ, ਪੇਟ ਦੀਆਂ ਬਿਮਾਰੀਆਂ ਅਤੇ ਬੁਖ਼ਾਰ ਦੀ ਸ਼ਿਕਾਇਤ ਵਧ ਜਾਂਦੀ ਹੈ, ਇਸ ਲਈ ਸਮੇਂ ਸਿਰ ਇਲਾਜ ਬਹੁਤ ਜ਼ਰੂਰੀ ਹੈ। ਉਨ੍ਹਾਂ ਨੇ ਪਸ਼ੂ ਪਾਲਕਾਂ ਨੂੰ ਸਾਫ਼ ਪਾਣੀ ਅਤੇ ਸੁੱਕੇ ਚਾਰੇ ਦੀ ਵਰਤੋਂ ਕਰਨ ਦੀ ਸਲਾਹ ਦਿੱਤੀ। ਟੀਮ ਨੇ ਕਈ ਪਿੰਡਾਂ ਵਿੱਚ ਕੈਂਪ ਲਗਾ ਕੇ ਸੈਂਕੜੇ ਪਸ਼ੂਆਂ ਦਾ ਮੁਆਇਨਾ ਕੀਤਾ ਅਤੇ ਲੋੜੀਂਦੀਆਂ ਦਵਾਈਆਂ ਮੁਫ਼ਤ ਦਿੱਤੀਆਂ। ਕਾਲਜ ਪ੍ਰਬੰਧਕਾਂ ਨੇ ਕਿਹਾ ਕਿ ਇਹ ਸੇਵਾ ਅੱਗੇ ਵੀ ਜਾਰੀ ਰਹੇਗੀ ਅਤੇ ਵਿਦਿਆਰਥੀ ਵੀ ਇਸ ਕਾਰਜ ਵਿੱਚ ਵਧ ਚੜ੍ਹ ਕੇ ਹਿੱਸਾ ਲੈ ਰਹੇ ਹਨ। ਪਿੰਡ ਵਾਸੀਆਂ ਨੇ ਕਾਲਜ ਦੀ ਟੀਮ ਦਾ ਧੰਨਵਾਦ ਕੀਤਾ ਅਤੇ ਕਿਹਾ ਕਿ ਇਸ ਔਖੇ ਸਮੇਂ ਵਿੱਚ ਅਜਿਹੀ ਮਦਦ ਬਹੁਤ ਵੱਡਾ ਸਹਾਰਾ ਹੈ।
ਡਾ. ਸਿੱਧੂ ਵੱਲੋਂ ਨੇ ਮੰਗ ਨਾਲ ਰਹਿ ਗਰੀਬ ਪਰਿਵਾਰ ਦੇ ਘਰ ਦਾ ਪੁਨਰ-ਨਿਰਮਾਣ ਕਰਵਾਉਣ ਦਾ ਲਿਆ ਸੰਕਲਪ
ਅੰਮ੍ਰਿਤਸਰ, 13 ਸਤੰਬਰ (ਨਿਊਜ਼ ਬਿਊਰੋ)- ਇਲਾਕੇ ਦੇ ਇੱਕ ਗਰੀਬ ਪਰਿਵਾਰ ਦਾ ਮਕਾਨ ਬਰਸਾਤ ਕਾਰਨ ਢਹਿ ਗਿਆ ਸੀ ਅਤੇ ਪਰਿਵਾਰ ਖੁੱਲ੍ਹੇ ਅਸਮਾਨ ਹੇਠ ਰਹਿਣ ਲਈ ਮਜਬੂਰ ਸੀ। ਜਦੋਂ ਇਹ ਮਾਮਲਾ ਧਿਆਨ ਵਿੱਚ ਆਇਆ ਤਾਂ ਡਾ. ਸਿੱਧੂ ਨੇ ਮੌਕੇ ਤੇ ਪਹੁੰਚ ਕੇ ਪਰਿਵਾਰ ਦਾ ਹਾਲ ਜਾਣਿਆ ਅਤੇ ਮਕਾਨ ਦਾ ਪੁਨਰ ਨਿਰਮਾਣ ਕਰਵਾਉਣ ਦਾ ਸੰਕਲਪ ਲਿਆ। ਉਨ੍ਹਾਂ ਕਿਹਾ ਕਿ ਮਨੁੱਖਤਾ ਦੀ ਸੇਵਾ ਤੋਂ ਵੱਡਾ ਕੋਈ ਧਰਮ ਨਹੀਂ ਹੈ ਅਤੇ ਹਰ ਸਮਰੱਥ ਵਿਅਕਤੀ ਨੂੰ ਲੋੜਵੰਦਾਂ ਦੀ ਮਦਦ ਲਈ ਅੱਗੇ ਆਉਣਾ ਚਾਹੀਦਾ ਹੈ। ਪਰਿਵਾਰ ਦੇ ਮੈਂਬਰਾਂ ਨੇ ਅੱਖਾਂ ਭਰ ਕੇ ਧੰਨਵਾਦ ਕੀਤਾ। ਇਸ ਮੌਕੇ ਤੇ ਇਲਾਕਾ ਨਿਵਾਸੀ ਅਤੇ ਸਮਾਜ ਸੇਵੀ ਸੰਸਥਾਵਾਂ ਦੇ ਨੁਮਾਇੰਦੇ ਹਾਜ਼ਰ ਸਨ ਜਿਨ੍ਹਾਂ ਨੇ ਵੀ ਹਰ ਸੰਭਵ ਸਹਿਯੋਗ ਦੇਣ ਦਾ ਭਰੋਸਾ ਦਿੱਤਾ।
ਚੰਡੀਗੜ੍ਹ, 13 ਸਤੰਬਰ (ਕੁਲਜਿੰਦਰ ਸਿੰਘ)- ਆਗੂ ਨੇ ਦੱਸਿਆ ਕਿ ਸੰਸਥਾ ਵੱਲੋਂ ਮਨਾਏ ਜਾ ਰਹੇ ਅੰਤਰਰਾਸ਼ਟਰੀ ਦਿਹਾੜੇ ਤੇ ਵੱਡੇ ਪੱਧਰ ਤੇ ਸ਼ਮੂਲੀਅਤ ਕੀਤੀ ਜਾਵੇਗੀ। ਉਨ੍ਹਾਂ ਕਿਹਾ ਕਿ ਇਸ ਸਮਾਗਮ ਵਿੱਚ ਦੇਸ਼ ਵਿਦੇਸ਼ ਤੋਂ ਵੱਡੀ ਗਿਣਤੀ ਵਿੱਚ ਸ਼ਰਧਾਲੂ ਪਹੁੰਚ ਰਹੇ ਹਨ। ਪ੍ਰਬੰਧਕਾਂ ਨੇ ਦੱਸਿਆ ਕਿ ਸਮਾਗਮ ਦੀਆਂ ਤਿਆਰੀਆਂ ਮੁਕੰਮਲ ਕਰ ਲਈਆਂ ਗਈਆਂ ਹਨ ਅਤੇ ਸੰਗਤਾਂ ਲਈ ਰਿਹਾਇਸ਼, ਲੰਗਰ ਤੇ ਪਾਰਕਿੰਗ ਦੇ ਵਿਸ਼ੇਸ਼ ਪ੍ਰਬੰਧ ਕੀਤੇ ਗਏ ਹਨ। ਉਨ੍ਹਾਂ ਨੇ ਸਮੂਹ ਸੰਗਤਾਂ ਨੂੰ ਅਪੀਲ ਕੀਤੀ ਕਿ ਉਹ ਵੱਧ ਤੋਂ ਵੱਧ ਗਿਣਤੀ ਵਿੱਚ ਪਹੁੰਚ ਕੇ ਸਮਾਗਮ ਨੂੰ ਸਫ਼ਲ ਬਣਾਉਣ। ਇਸ ਮੌਕੇ ਤੇ ਹੋਰ ਵੀ ਕਈ ਆਗੂ ਹਾਜ਼ਰ ਸਨ।
ਅੰਮ੍ਰਿਤਸਰ ਵਿਖੇ ਅੰਤਰਰਾਸ਼ਟਰੀ ਮਹਾਰੰਗਤ ਦਿਹਾੜੇ ਤੇ ਸ਼ਮੂਲੀਅਤ ਕੀਤੀ ਜਾਵੇਗੀ :- ਸਿੰਗਰੋਜੀਵਾਲਾ
ਚੰਡੀਗੜ੍ਹ, 13 ਸਤੰਬਰ (ਕੁਲਜਿੰਦਰ ਸਿੰਘ)- ਆਗੂ ਨੇ ਦੱਸਿਆ ਕਿ ਸੰਸਥਾ ਵੱਲੋਂ ਮਨਾਏ ਜਾ ਰਹੇ ਅੰਤਰਰਾਸ਼ਟਰੀ ਦਿਹਾੜੇ ਤੇ ਵੱਡੇ ਪੱਧਰ ਤੇ ਸ਼ਮੂਲੀਅਤ ਕੀਤੀ ਜਾਵੇਗੀ। ਉਨ੍ਹਾਂ ਕਿਹਾ ਕਿ ਇਸ ਸਮਾਗਮ ਵਿੱਚ ਦੇਸ਼ ਵਿਦੇਸ਼ ਤੋਂ ਵੱਡੀ ਗਿਣਤੀ ਵਿੱਚ ਸ਼ਰਧਾਲੂ ਪਹੁੰਚ ਰਹੇ ਹਨ। ਪ੍ਰਬੰਧਕਾਂ ਨੇ ਦੱਸਿਆ ਕਿ ਸਮਾਗਮ ਦੀਆਂ ਤਿਆਰੀਆਂ ਮੁਕੰਮਲ ਕਰ ਲਈਆਂ ਗਈਆਂ ਹਨ ਅਤੇ ਸੰਗਤਾਂ ਲਈ ਰਿਹਾਇਸ਼, ਲੰਗਰ ਤੇ ਪਾਰਕਿੰਗ ਦੇ ਵਿਸ਼ੇਸ਼ ਪ੍ਰਬੰਧ ਕੀਤੇ ਗਏ ਹਨ। ਉਨ੍ਹਾਂ ਨੇ ਸਮੂਹ ਸੰਗਤਾਂ ਨੂੰ ਅਪੀਲ ਕੀਤੀ ਕਿ ਉਹ ਵੱਧ ਤੋਂ ਵੱਧ ਗਿਣਤੀ ਵਿੱਚ ਪਹੁੰਚ ਕੇ ਸਮਾਗਮ ਨੂੰ ਸਫ਼ਲ ਬਣਾਉਣ। ਇਸ ਮੌਕੇ ਤੇ ਹੋਰ ਵੀ ਕਈ ਆਗੂ ਹਾਜ਼ਰ ਸਨ।
ਚੰਡੀਗੜ੍ਹ, 13 ਸਤੰਬਰ (ਕੁਲਜਿੰਦਰ ਸਿੰਘ)- ਆਗੂ ਨੇ ਦੱਸਿਆ ਕਿ ਸੰਸਥਾ ਵੱਲੋਂ ਮਨਾਏ ਜਾ ਰਹੇ ਅੰਤਰਰਾਸ਼ਟਰੀ ਦਿਹਾੜੇ ਤੇ ਵੱਡੇ ਪੱਧਰ ਤੇ ਸ਼ਮੂਲੀਅਤ ਕੀਤੀ ਜਾਵੇਗੀ। ਉਨ੍ਹਾਂ ਕਿਹਾ ਕਿ ਇਸ ਸਮਾਗਮ ਵਿੱਚ ਦੇਸ਼ ਵਿਦੇਸ਼ ਤੋਂ ਵੱਡੀ ਗਿਣਤੀ ਵਿੱਚ ਸ਼ਰਧਾਲੂ ਪਹੁੰਚ ਰਹੇ ਹਨ। ਪ੍ਰਬੰਧਕਾਂ ਨੇ ਦੱਸਿਆ ਕਿ ਸਮਾਗਮ ਦੀਆਂ ਤਿਆਰੀਆਂ ਮੁਕੰਮਲ ਕਰ ਲਈਆਂ ਗਈਆਂ ਹਨ ਅਤੇ ਸੰਗਤਾਂ ਲਈ ਰਿਹਾਇਸ਼, ਲੰਗਰ ਤੇ ਪਾਰਕਿੰਗ ਦੇ ਵਿਸ਼ੇਸ਼ ਪ੍ਰਬੰਧ ਕੀਤੇ ਗਏ ਹਨ। ਉਨ੍ਹਾਂ ਨੇ ਸਮੂਹ ਸੰਗਤਾਂ ਨੂੰ ਅਪੀਲ ਕੀਤੀ ਕਿ ਉਹ ਵੱਧ ਤੋਂ ਵੱਧ ਗਿਣਤੀ ਵਿੱਚ ਪਹੁੰਚ ਕੇ ਸਮਾਗਮ ਨੂੰ ਸਫ਼ਲ ਬਣਾਉਣ। ਇਸ ਮੌਕੇ ਤੇ ਹੋਰ ਵੀ ਕਈ ਆਗੂ ਹਾਜ਼ਰ ਸਨ।
ਰਾਜਸਥਾਨ ਦੀਆਂ ਸੰਗਤਾਂ ਨੇ ਸ਼੍ਰੋਮਣੀ ਕਮੇਟੀ ਨੂੰ ਰਾਹਤ ਕਾਰਜਾਂ ਲਈ ਦਿੱਤੇ 5 ਲੱਖ 51 ਹਜ਼ਾਰ ਰੁਪਏ
ਸ਼੍ਰੋਮਣੀ ਕਮੇਟੀ ਨੇ ਹੁਣ ਤੱਕ ਕਰੋੜਾਂ ਰੁਪਏ ਦੀ ਰਾਹਤ ਵੰਡੀ
ਅੰਮ੍ਰਿਤਸਰ, 13 ਸਤੰਬਰ (ਨਿਊਜ਼ ਬਿਊਰੋ)- ਰਾਜਸਥਾਨ ਤੋਂ ਆਈ ਸੰਗਤ ਨੇ ਹੜ੍ਹ ਪੀੜਤਾਂ ਦੀ ਮਦਦ ਲਈ ਸ਼੍ਰੋਮਣੀ ਗੁਰਦੁਆਰਾ ਪ੍ਰਬੰਧਕ ਕਮੇਟੀ ਨੂੰ 5 ਲੱਖ 51 ਹਜ਼ਾਰ ਰੁਪਏ ਦਾ ਚੈੱਕ ਸੌਂਪਿਆ। ਕਮੇਟੀ ਦੇ ਅਹੁਦੇਦਾਰਾਂ ਨੇ ਸੰਗਤ ਦਾ ਧੰਨਵਾਦ ਕਰਦਿਆਂ ਕਿਹਾ ਕਿ ਇਹ ਰਾਸ਼ੀ ਪੂਰੀ ਪਾਰਦਰਸ਼ਤਾ ਨਾਲ ਪੀੜਤ ਪਰਿਵਾਰਾਂ ਤੱਕ ਪਹੁੰਚਾਈ ਜਾਵੇਗੀ। ਉਨ੍ਹਾਂ ਦੱਸਿਆ ਕਿ ਕਮੇਟੀ ਵੱਲੋਂ ਹੁਣ ਤੱਕ ਹੜ੍ਹ ਪ੍ਰਭਾਵਿਤ ਇਲਾਕਿਆਂ ਵਿੱਚ ਰਾਸ਼ਨ, ਦਵਾਈਆਂ, ਪਸ਼ੂਆਂ ਲਈ ਚਾਰਾ ਅਤੇ ਹੋਰ ਜ਼ਰੂਰੀ ਵਸਤਾਂ ਵੱਡੇ ਪੱਧਰ ਤੇ ਵੰਡੀਆਂ ਜਾ ਚੁੱਕੀਆਂ ਹਨ। ਟੀਮਾਂ ਲਗਾਤਾਰ ਮੌਕੇ ਤੇ ਕੰਮ ਕਰ ਰਹੀਆਂ ਹਨ ਅਤੇ ਜਿੰਨਾ ਚਿਰ ਲੋੜ ਰਹੇਗੀ ਸੇਵਾ ਜਾਰੀ ਰੱਖੀ ਜਾਵੇਗੀ। ਉਨ੍ਹਾਂ ਸਮੂਹ ਸੰਗਤਾਂ ਨੂੰ ਅਪੀਲ ਕੀਤੀ ਕਿ ਉਹ ਇਸ ਸੇਵਾ ਕਾਰਜ ਵਿੱਚ ਖੁੱਲ੍ਹੇ ਦਿਲ ਨਾਲ ਯੋਗਦਾਨ ਪਾਉਣ। ਇਸ ਮੌਕੇ ਤੇ ਕਮੇਟੀ ਦੇ ਮੈਂਬਰ ਤੇ ਅਧਿਕਾਰੀ ਹਾਜ਼ਰ ਸਨ।
ਅੰਮ੍ਰਿਤਸਰ, 13 ਸਤੰਬਰ (ਨਿਊਜ਼ ਬਿਊਰੋ)- ਰਾਜਸਥਾਨ ਤੋਂ ਆਈ ਸੰਗਤ ਨੇ ਹੜ੍ਹ ਪੀੜਤਾਂ ਦੀ ਮਦਦ ਲਈ ਸ਼੍ਰੋਮਣੀ ਗੁਰਦੁਆਰਾ ਪ੍ਰਬੰਧਕ ਕਮੇਟੀ ਨੂੰ 5 ਲੱਖ 51 ਹਜ਼ਾਰ ਰੁਪਏ ਦਾ ਚੈੱਕ ਸੌਂਪਿਆ। ਕਮੇਟੀ ਦੇ ਅਹੁਦੇਦਾਰਾਂ ਨੇ ਸੰਗਤ ਦਾ ਧੰਨਵਾਦ ਕਰਦਿਆਂ ਕਿਹਾ ਕਿ ਇਹ ਰਾਸ਼ੀ ਪੂਰੀ ਪਾਰਦਰਸ਼ਤਾ ਨਾਲ ਪੀੜਤ ਪਰਿਵਾਰਾਂ ਤੱਕ ਪਹੁੰਚਾਈ ਜਾਵੇਗੀ। ਉਨ੍ਹਾਂ ਦੱਸਿਆ ਕਿ ਕਮੇਟੀ ਵੱਲੋਂ ਹੁਣ ਤੱਕ ਹੜ੍ਹ ਪ੍ਰਭਾਵਿਤ ਇਲਾਕਿਆਂ ਵਿੱਚ ਰਾਸ਼ਨ, ਦਵਾਈਆਂ, ਪਸ਼ੂਆਂ ਲਈ ਚਾਰਾ ਅਤੇ ਹੋਰ ਜ਼ਰੂਰੀ ਵਸਤਾਂ ਵੱਡੇ ਪੱਧਰ ਤੇ ਵੰਡੀਆਂ ਜਾ ਚੁੱਕੀਆਂ ਹਨ। ਟੀਮਾਂ ਲਗਾਤਾਰ ਮੌਕੇ ਤੇ ਕੰਮ ਕਰ ਰਹੀਆਂ ਹਨ ਅਤੇ ਜਿੰਨਾ ਚਿਰ ਲੋੜ ਰਹੇਗੀ ਸੇਵਾ ਜਾਰੀ ਰੱਖੀ ਜਾਵੇਗੀ। ਉਨ੍ਹਾਂ ਸਮੂਹ ਸੰਗਤਾਂ ਨੂੰ ਅਪੀਲ ਕੀਤੀ ਕਿ ਉਹ ਇਸ ਸੇਵਾ ਕਾਰਜ ਵਿੱਚ ਖੁੱਲ੍ਹੇ ਦਿਲ ਨਾਲ ਯੋਗਦਾਨ ਪਾਉਣ। ਇਸ ਮੌਕੇ ਤੇ ਕਮੇਟੀ ਦੇ ਮੈਂਬਰ ਤੇ ਅਧਿਕਾਰੀ ਹਾਜ਼ਰ ਸਨ।
ਕਰ ਭਲਾ ਹੋ ਭਲਾ ਸੁਸਾਇਟੀ ਵੱਲੋਂ ਖ਼ਾਲਸਾ ਸੀਨੀਅਰ ਸੈਕੰਡਰੀ ਸਕੂਲ ਬੁਢਾਣੀ ਦੇ ਵਿਦਿਆਰਥੀਆਂ ਲਈ ਲੈਪਟਾਪ ਭੇਟ ਕੀਤਾ
ਅੰਮ੍ਰਿਤਸਰ, 13 ਸਤੰਬਰ (ਨਿਊਜ਼ ਬਿਊਰੋ)- ਸੁਸਾਇਟੀ ਵੱਲੋਂ ਸਕੂਲ ਦੇ ਵਿਦਿਆਰਥੀਆਂ ਦੀ ਪੜ੍ਹਾਈ ਵਿੱਚ ਸਹਾਇਤਾ ਲਈ ਲੈਪਟਾਪ ਭੇਟ ਕੀਤੇ ਗਏ। ਸੰਸਥਾ ਦੇ ਨੁਮਾਇੰਦਿਆਂ ਨੇ ਕਿਹਾ ਕਿ ਅੱਜ ਦੇ ਤਕਨੀਕੀ ਯੁੱਗ ਵਿੱਚ ਕੰਪਿਊਟਰ ਦੀ ਸਿੱਖਿਆ ਬਹੁਤ ਜ਼ਰੂਰੀ ਹੈ ਅਤੇ ਪੇਂਡੂ ਖੇਤਰ ਦੇ ਬੱਚਿਆਂ ਨੂੰ ਵੀ ਇਹ ਸਹੂਲਤ ਮਿਲਣੀ ਚਾਹੀਦੀ ਹੈ। ਸਕੂਲ ਪ੍ਰਬੰਧਕਾਂ ਨੇ ਸੁਸਾਇਟੀ ਦਾ ਧੰਨਵਾਦ ਕਰਦਿਆਂ ਕਿਹਾ ਕਿ ਇਸ ਉਪਰਾਲੇ ਨਾਲ ਵਿਦਿਆਰਥੀਆਂ ਨੂੰ ਬਹੁਤ ਲਾਭ ਮਿਲੇਗਾ। ਇਸ ਮੌਕੇ ਤੇ ਅਧਿਆਪਕ ਅਤੇ ਵਿਦਿਆਰਥੀ ਹਾਜ਼ਰ ਸਨ।
ਪਿੰਡ ਭਗੀਪੁਰਾ ਤੋਂ ਨੌਜਵਾਨਾਂ ਨੇ ਹੜ੍ਹ ਪੀੜਤਾਂ ਨੂੰ ਤੂੜੀ ਤੇ ਅਚਾਰ ਦੀ ਸੇਵਾ ਪਹੁੰਚਾਈ
ਅੰਮ੍ਰਿਤਸਰ, 13 ਸਤੰਬਰ (ਨਿਊਜ਼ ਬਿਊਰੋ)- ਪਿੰਡ ਦੇ ਨੌਜਵਾਨਾਂ ਨੇ ਆਪਣੇ ਪੱਧਰ ਤੇ ਇਕੱਠ ਕਰ ਕੇ ਹੜ੍ਹ ਪ੍ਰਭਾਵਿਤ ਇਲਾਕਿਆਂ ਵਿੱਚ ਪਸ਼ੂਆਂ ਲਈ ਤੂੜੀ ਅਤੇ ਲੋਕਾਂ ਲਈ ਖਾਣ ਪੀਣ ਦਾ ਸਮਾਨ ਪਹੁੰਚਾਇਆ। ਉਨ੍ਹਾਂ ਦੱਸਿਆ ਕਿ ਪਿੰਡ ਵਾਸੀਆਂ ਨੇ ਵੱਧ ਚੜ੍ਹ ਕੇ ਸਹਿਯੋਗ ਦਿੱਤਾ ਅਤੇ ਕੁਝ ਹੀ ਦਿਨਾਂ ਵਿੱਚ ਟਰਾਲੀਆਂ ਭਰ ਕੇ ਸਮਾਨ ਇਕੱਠਾ ਹੋ ਗਿਆ। ਨੌਜਵਾਨਾਂ ਨੇ ਕਿਹਾ ਕਿ ਇਹ ਸੇਵਾ ਅੱਗੇ ਵੀ ਜਾਰੀ ਰੱਖੀ ਜਾਵੇਗੀ ਅਤੇ ਜਿੱਥੇ ਵੀ ਲੋੜ ਹੋਵੇਗੀ ਉਹ ਪਹੁੰਚਣਗੇ। ਪੀੜਤ ਪਰਿਵਾਰਾਂ ਨੇ ਨੌਜਵਾਨਾਂ ਦਾ ਧੰਨਵਾਦ ਕੀਤਾ ਅਤੇ ਕਿਹਾ ਕਿ ਔਖੇ ਸਮੇਂ ਵਿੱਚ ਅਜਿਹੀ ਮਦਦ ਬਹੁਤ ਵੱਡਾ ਸਹਾਰਾ ਬਣਦੀ ਹੈ।
ਜੇ.ਐਮ.ਐਸ. ਇਮੀਗ੍ਰੇਸ਼ਨ ਵੱਲੋਂ ਗੁਰਜਿੰਦਰ ਕੌਰ ਦਾ ਲਗਵਾਇਆ ਆਸਟ੍ਰੇਲੀਆ ਦਾ ਵਿਜ਼ਿਟਰ ਵੀਜ਼ਾ
ਅੰਮ੍ਰਿਤਸਰ, 13 ਸਤੰਬਰ (ਨਿਊਜ਼ ਬਿਊਰੋ)- ਜੇ.ਐਮ.ਐਸ. ਇਮੀਗ੍ਰੇਸ਼ਨ ਦੇ ਦਫ਼ਤਰ ਵਿਖੇ ਵੀਜ਼ਾ ਪ੍ਰਾਪਤ ਕਰਨ ਵਾਲੀ ਬਿਨੈਕਾਰ ਨੂੰ ਸਨਮਾਨਿਤ ਕੀਤਾ ਗਿਆ। ਸੰਸਥਾ ਦੇ ਸੰਚਾਲਕਾਂ ਨੇ ਦੱਸਿਆ ਕਿ ਉਹ ਪਿਛਲੇ ਕਈ ਸਾਲਾਂ ਤੋਂ ਨੌਜਵਾਨਾਂ ਨੂੰ ਵਿਦੇਸ਼ ਜਾਣ ਲਈ ਸਹੀ ਅਤੇ ਭਰੋਸੇਯੋਗ ਸੇਵਾਵਾਂ ਦੇ ਰਹੇ ਹਨ। ਉਨ੍ਹਾਂ ਕਿਹਾ ਕਿ ਵਿਦਿਆਰਥੀ ਵੀਜ਼ਾ, ਵਿਜ਼ਿਟਰ ਵੀਜ਼ਾ ਅਤੇ ਵਰਕ ਪਰਮਿਟ ਦੇ ਮਾਮਲਿਆਂ ਵਿੱਚ ਸੰਸਥਾ ਦਾ ਰਿਕਾਰਡ ਸ਼ਾਨਦਾਰ ਰਿਹਾ ਹੈ। ਇਸ ਮੌਕੇ ਤੇ ਬਿਨੈਕਾਰ ਦੇ ਪਰਿਵਾਰਕ ਮੈਂਬਰ ਵੀ ਹਾਜ਼ਰ ਸਨ ਅਤੇ ਉਨ੍ਹਾਂ ਨੇ ਸੰਸਥਾ ਦਾ ਧੰਨਵਾਦ ਕੀਤਾ।
ਕਰ ਭਲਾ ਹੋ ਭਲਾ ਸੁਸਾਇਟੀ ਵੱਲੋਂ ਖ਼ਾਲਸਾ ਸੀਨੀਅਰ ਸੈਕੰਡਰੀ ਸਕੂਲ ਬੁਢਾਣੀ ਦੇ ਵਿਦਿਆਰਥੀਆਂ ਲਈ ਲੈਪਟਾਪ ਭੇਟ ਕੀਤਾ
ਅੰਮ੍ਰਿਤਸਰ, 13 ਸਤੰਬਰ (ਨਿਊਜ਼ ਬਿਊਰੋ)- ਸੁਸਾਇਟੀ ਵੱਲੋਂ ਸਕੂਲ ਦੇ ਵਿਦਿਆਰਥੀਆਂ ਦੀ ਪੜ੍ਹਾਈ ਵਿੱਚ ਸਹਾਇਤਾ ਲਈ ਲੈਪਟਾਪ ਭੇਟ ਕੀਤੇ ਗਏ। ਸੰਸਥਾ ਦੇ ਨੁਮਾਇੰਦਿਆਂ ਨੇ ਕਿਹਾ ਕਿ ਅੱਜ ਦੇ ਤਕਨੀਕੀ ਯੁੱਗ ਵਿੱਚ ਕੰਪਿਊਟਰ ਦੀ ਸਿੱਖਿਆ ਬਹੁਤ ਜ਼ਰੂਰੀ ਹੈ ਅਤੇ ਪੇਂਡੂ ਖੇਤਰ ਦੇ ਬੱਚਿਆਂ ਨੂੰ ਵੀ ਇਹ ਸਹੂਲਤ ਮਿਲਣੀ ਚਾਹੀਦੀ ਹੈ। ਸਕੂਲ ਪ੍ਰਬੰਧਕਾਂ ਨੇ ਸੁਸਾਇਟੀ ਦਾ ਧੰਨਵਾਦ ਕਰਦਿਆਂ ਕਿਹਾ ਕਿ ਇਸ ਉਪਰਾਲੇ ਨਾਲ ਵਿਦਿਆਰਥੀਆਂ ਨੂੰ ਬਹੁਤ ਲਾਭ ਮਿਲੇਗਾ। ਇਸ ਮੌਕੇ ਤੇ ਅਧਿਆਪਕ ਅਤੇ ਵਿਦਿਆਰਥੀ ਹਾਜ਼ਰ ਸਨ।
ਕੇਂਦਰ ਸਰਕਾਰ ਸ੍ਰੀ ਹਜ਼ੂਰ ਸਾਹਿਬ ਪੁੱਜਣ ਵਾਲਿਆਂ ਵਾਸਤੇ ਉਡਾਣਾਂ ਤੁਰੰਤ ਚਾਲੂ ਕਰੇ: ਬਾਬਾ ਬਲਬੀਰ ਸਿੰਘ 96 ਕਰੋੜੀ
ਅੰਮ੍ਰਿਤਸਰ- 13 ਸਤੰਬਰ (ਨਿਊਜ਼ ਬਿਊਰੋ)- ਸੰਤ ਬਾਬਾ ਜੀ ਨੇ ਕੇਂਦਰ ਸਰਕਾਰ ਤੋਂ ਮੰਗ ਕੀਤੀ ਕਿ ਸ੍ਰੀ ਹਜ਼ੂਰ ਸਾਹਿਬ ਜਾਣ ਵਾਲੀਆਂ ਸੰਗਤਾਂ ਦੀ ਸਹੂਲਤ ਲਈ ਸਿੱਧੀਆਂ ਉਡਾਣਾਂ ਤੁਰੰਤ ਸ਼ੁਰੂ ਕੀਤੀਆਂ ਜਾਣ। ਉਨ੍ਹਾਂ ਕਿਹਾ ਕਿ ਹਰ ਸਾਲ ਲੱਖਾਂ ਸ਼ਰਧਾਲੂ ਨਾਂਦੇੜ ਸਾਹਿਬ ਦੇ ਦਰਸ਼ਨਾਂ ਲਈ ਜਾਂਦੇ ਹਨ ਪਰ ਸਿੱਧੀ ਹਵਾਈ ਸੇਵਾ ਨਾ ਹੋਣ ਕਾਰਨ ਉਨ੍ਹਾਂ ਨੂੰ ਭਾਰੀ ਮੁਸ਼ਕਿਲ ਦਾ ਸਾਹਮਣਾ ਕਰਨਾ ਪੈਂਦਾ ਹੈ। ਉਨ੍ਹਾਂ ਕਿਹਾ ਕਿ ਸਰਕਾਰ ਨੂੰ ਇਸ ਪਾਸੇ ਤੁਰੰਤ ਧਿਆਨ ਦੇਣਾ ਚਾਹੀਦਾ ਹੈ। ਇਸ ਮੌਕੇ ਤੇ ਸੰਗਤਾਂ ਨੇ ਵੀ ਇਸ ਮੰਗ ਦੀ ਹਮਾਇਤ ਕੀਤੀ।
ਦਸਮੇਸ਼ ਸਕੂਲ ਵਿਖੇ ਸਾਰਾਗੜ੍ਹੀ ਦੇ ਸ਼ਹੀਦਾਂ ਦੀ ਯਾਦ 'ਚ ਸਮਾਗਮ ਕਰਵਾਇਆ
ਅੰਮ੍ਰਿਤਸਰ, 13 ਸਤੰਬਰ (ਨਿਊਜ਼ ਬਿਊਰੋ)- ਸਕੂਲ ਵਿਖੇ ਸਾਰਾਗੜ੍ਹੀ ਦੀ ਇਤਿਹਾਸਕ ਜੰਗ ਦੇ ਸ਼ਹੀਦਾਂ ਦੀ ਯਾਦ ਵਿੱਚ ਵਿਸ਼ੇਸ਼ ਸਮਾਗਮ ਕਰਵਾਇਆ ਗਿਆ। ਵਿਦਿਆਰਥੀਆਂ ਨੇ ਕਵਿਤਾਵਾਂ, ਭਾਸ਼ਣਾਂ ਅਤੇ ਨਾਟਕਾਂ ਰਾਹੀਂ 12 ਸਤੰਬਰ 1897 ਨੂੰ ਹੋਈ ਇਸ ਜੰਗ ਦੀ ਗਾਥਾ ਪੇਸ਼ ਕੀਤੀ ਜਿਸ ਵਿੱਚ 21 ਸਿੱਖ ਸੈਨਿਕਾਂ ਨੇ ਹਜ਼ਾਰਾਂ ਹਮਲਾਵਰਾਂ ਦਾ ਡਟ ਕੇ ਮੁਕਾਬਲਾ ਕੀਤਾ ਸੀ। ਪ੍ਰਿੰਸੀਪਲ ਨੇ ਕਿਹਾ ਕਿ ਇਹ ਜੰਗ ਦੁਨੀਆ ਦੇ ਇਤਿਹਾਸ ਵਿੱਚ ਬਹਾਦਰੀ ਦੀ ਸਭ ਤੋਂ ਵੱਡੀ ਮਿਸਾਲ ਹੈ ਅਤੇ ਵਿਦਿਆਰਥੀਆਂ ਨੂੰ ਇਸ ਤੋਂ ਪ੍ਰੇਰਨਾ ਲੈਣੀ ਚਾਹੀਦੀ ਹੈ। ਅੰਤ ਵਿੱਚ ਸ਼ਹੀਦਾਂ ਨੂੰ ਸ਼ਰਧਾਂਜਲੀ ਭੇਟ ਕੀਤੀ ਗਈ।
